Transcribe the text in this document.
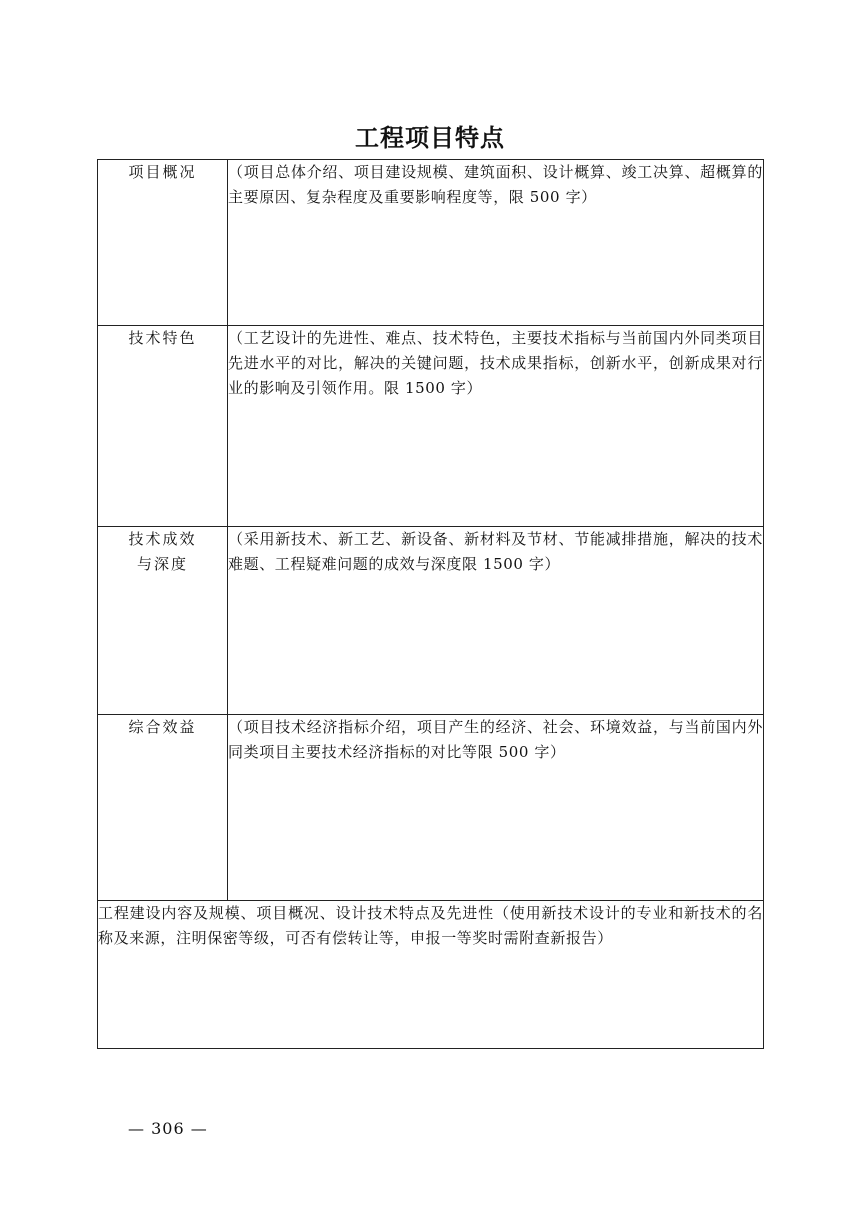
工程项目特点
项目概况	（项目总体介绍、项目建设规模、建筑面积、设计概算、竣工决算、超概算的主要原因、复杂程度及重要影响程度等，限 500 字）

技术特色	（工艺设计的先进性、难点、技术特色，主要技术指标与当前国内外同类项目先进水平的对比，解决的关键问题，技术成果指标，创新水平，创新成果对行业的影响及引领作用。限 1500 字）

技术成效
与深度	（采用新技术、新工艺、新设备、新材料及节材、节能减排措施，解决的技术难题、工程疑难问题的成效与深度限 1500 字）

综合效益	（项目技术经济指标介绍，项目产生的经济、社会、环境效益，与当前国内外同类项目主要技术经济指标的对比等限 500 字）

工程建设内容及规模、项目概况、设计技术特点及先进性（使用新技术设计的专业和新技术的名称及来源，注明保密等级，可否有偿转让等，申报一等奖时需附查新报告）	
— 306 —
